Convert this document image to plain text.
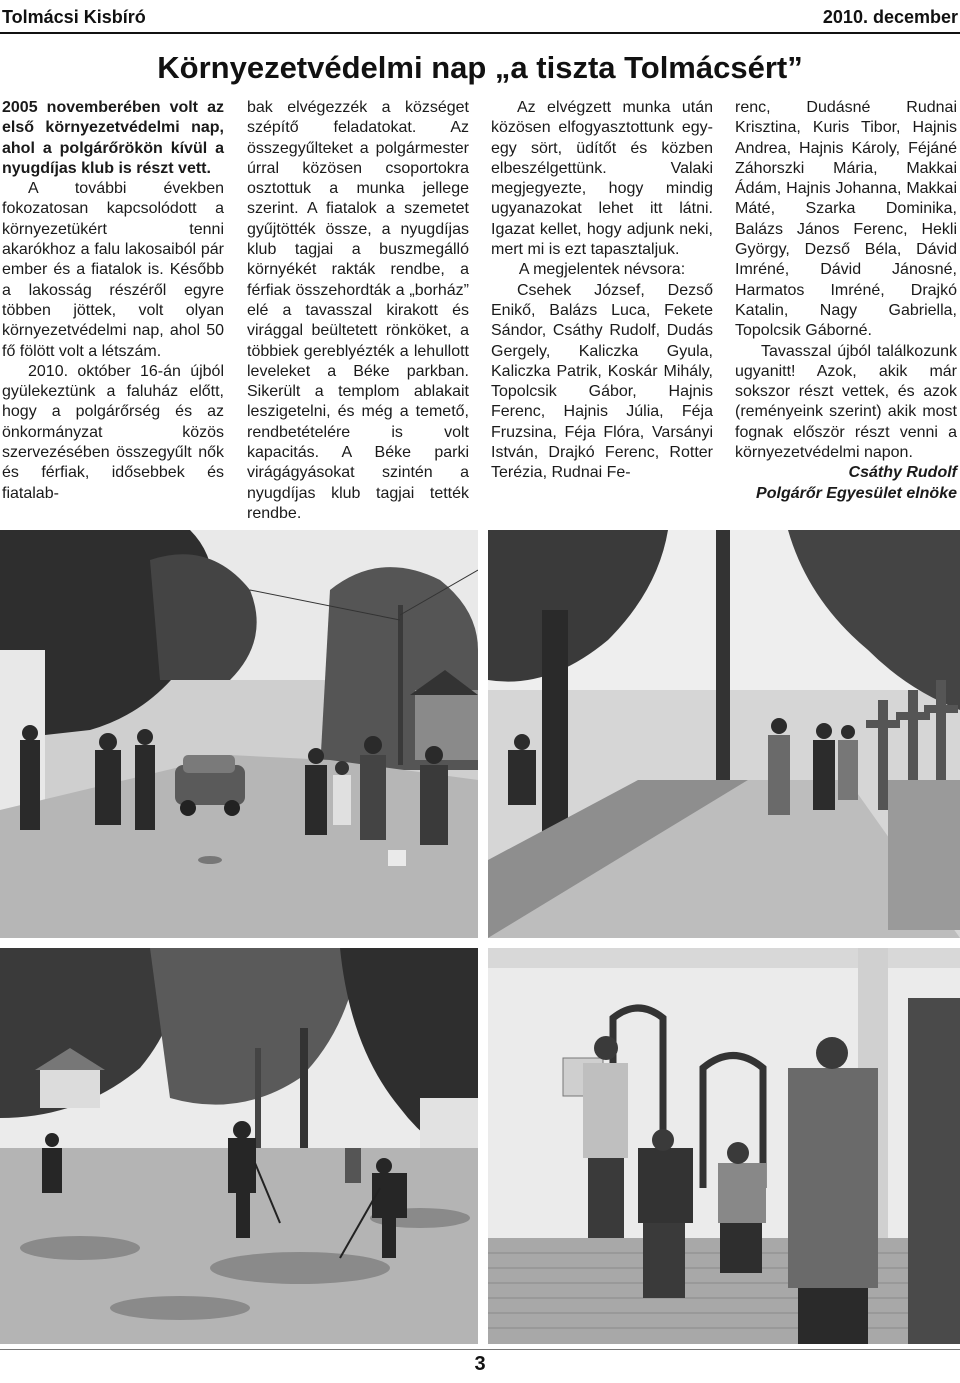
Tolmácsi Kisbíró	2010. december
Környezetvédelmi nap „a tiszta Tolmácsért”

2005 novemberében volt az első környezetvédelmi nap, ahol a polgárőrökön kívül a nyugdíjas klub is részt vett.

A további években fokozatosan kapcsolódott a környezetükért tenni akarókhoz a falu lakosaiból pár ember és a fiatalok is. Később a lakosság részéről egyre többen jöttek, volt olyan környezetvédelmi nap, ahol 50 fő fölött volt a létszám.

2010. október 16-án újból gyülekeztünk a faluház előtt, hogy a polgárőrség és az önkormányzat közös szervezésében összegyűlt nők és férfiak, idősebbek és fiatalab-

bak elvégezzék a községet szépítő feladatokat. Az összegyűlteket a polgármester úrral közösen csoportokra osztottuk a munka jellege szerint. A fiatalok a szemetet gyűjtötték össze, a nyugdíjas klub tagjai a buszmegálló környékét rakták rendbe, a férfiak összehordták a „borház” elé a tavasszal kirakott és virággal beültetett rönköket, a többiek gereblyézték a lehullott leveleket a Béke parkban. Sikerült a templom ablakait leszigetelni, és még a temető, rendbetételére is volt kapacitás. A Béke parki virágágyásokat szintén a nyugdíjas klub tagjai tették rendbe.

Az elvégzett munka után közösen elfogyasztottunk egy-egy sört, üdítőt és közben elbeszélgettünk. Valaki megjegyezte, hogy mindig ugyanazokat lehet itt látni. Igazat kellet, hogy adjunk neki, mert mi is ezt tapasztaljuk.

A megjelentek névsora:

Csehek József, Dezső Enikő, Balázs Luca, Fekete Sándor, Csáthy Rudolf, Dudás Gergely, Kaliczka Gyula, Kaliczka Patrik, Koskár Mihály, Topolcsik Gábor, Hajnis Ferenc, Hajnis Júlia, Féja Fruzsina, Féja Flóra, Varsányi István, Drajkó Ferenc, Rotter Terézia, Rudnai Fe-

renc, Dudásné Rudnai Krisztina, Kuris Tibor, Hajnis Andrea, Hajnis Károly, Féjáné Záhorszki Mária, Makkai Ádám, Hajnis Johanna, Makkai Máté, Szarka Dominika, Balázs János Ferenc, Hekli György, Dezső Béla, Dávid Imréné, Dávid Jánosné, Harmatos Imréné, Drajkó Katalin, Nagy Gabriella, Topolcsik Gáborné.

Tavasszal újból találkozunk ugyanitt! Azok, akik már sokszor részt vettek, és azok (reményeink szerint) akik most fognak először részt venni a környezetvédelmi napon.

Csáthy Rudolf

Polgárőr Egyesület elnöke

3
